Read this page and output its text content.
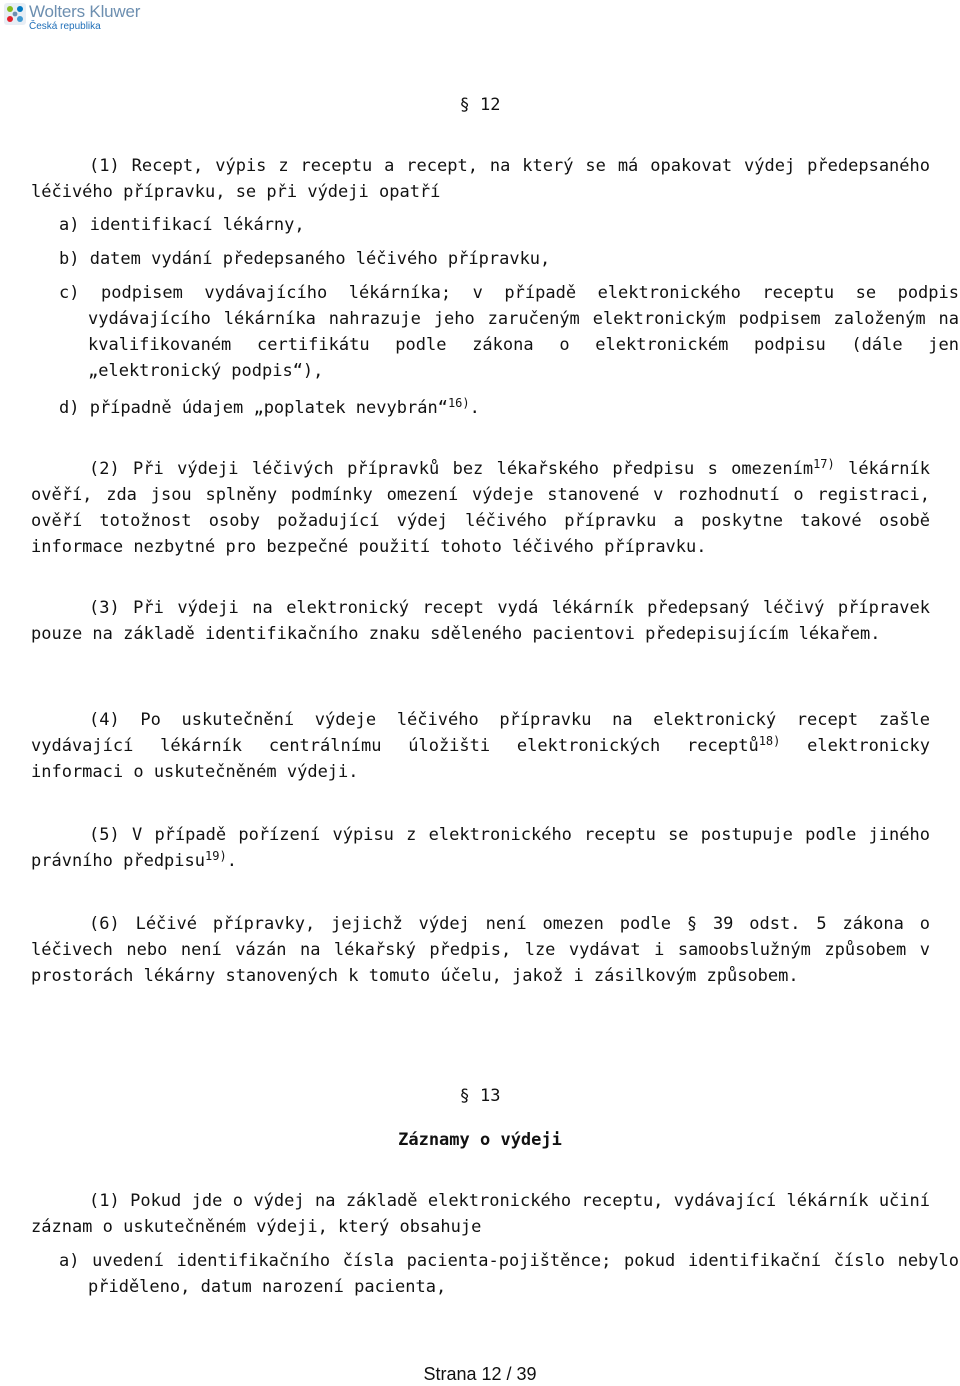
Wolters Kluwer
Česká republika
§ 12
(1) Recept, výpis z receptu a recept, na který se má opakovat výdej předepsaného léčivého přípravku, se při výdeji opatří
a) identifikací lékárny,
b) datem vydání předepsaného léčivého přípravku,
c) podpisem vydávajícího lékárníka; v případě elektronického receptu se podpis vydávajícího lékárníka nahrazuje jeho zaručeným elektronickým podpisem založeným na kvalifikovaném certifikátu podle zákona o elektronickém podpisu (dále jen „elektronický podpis“),
d) případně údajem „poplatek nevybrán“$^{16)}$.
(2) Při výdeji léčivých přípravků bez lékařského předpisu s omezením$^{17)}$ lékárník ověří, zda jsou splněny podmínky omezení výdeje stanovené v rozhodnutí o registraci, ověří totožnost osoby požadující výdej léčivého přípravku a poskytne takové osobě informace nezbytné pro bezpečné použití tohoto léčivého přípravku.
(3) Při výdeji na elektronický recept vydá lékárník předepsaný léčivý přípravek pouze na základě identifikačního znaku sděleného pacientovi předepisujícím lékařem.
(4) Po uskutečnění výdeje léčivého přípravku na elektronický recept zašle vydávající lékárník centrálnímu úložišti elektronických receptů$^{18)}$ elektronicky informaci o uskutečněném výdeji.
(5) V případě pořízení výpisu z elektronického receptu se postupuje podle jiného právního předpisu$^{19)}$.
(6) Léčivé přípravky, jejichž výdej není omezen podle § 39 odst. 5 zákona o léčivech nebo není vázán na lékařský předpis, lze vydávat i samoobslužným způsobem v prostorách lékárny stanovených k tomuto účelu, jakož i zásilkovým způsobem.
§ 13
Záznamy o výdeji
(1) Pokud jde o výdej na základě elektronického receptu, vydávající lékárník učiní záznam o uskutečněném výdeji, který obsahuje
a) uvedení identifikačního čísla pacienta-pojištěnce; pokud identifikační číslo nebylo přiděleno, datum narození pacienta,
Strana 12 / 39
